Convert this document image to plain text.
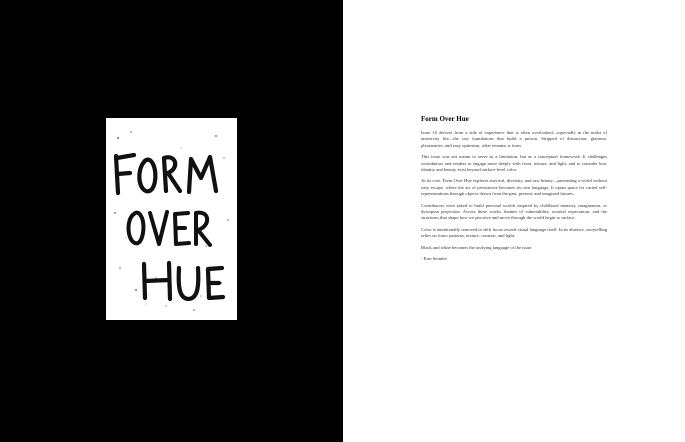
Form Over Hue

Issue 10 derives from a side of experience that is often overlooked—especially in the midst of university life—the raw foundations that build a person. Stripped of distraction, glamour, pleasantries, and easy optimism, what remains is form.

This issue was not meant to serve as a limitation, but as a conceptual framework. It challenges contributors and readers to engage more deeply with form, texture, and light, and to consider how identity and beauty exist beyond surface-level color.

At its core, Form Over Hue explores survival, diversity, and raw beauty—presenting a world without easy escape, where the act of persistence becomes its own language. It opens space for varied self-representations through objects drawn from the past, present, and imagined futures.

Contributors were asked to build personal worlds inspired by childhood memory, imagination, or dystopian projection. Across these works, themes of vulnerability, societal expectation, and the structures that shape how we perceive and move through the world begin to surface.

Color is intentionally removed to shift focus toward visual language itself. In its absence, storytelling relies on form: patterns, texture, contrast, and light.

Black and white becomes the unifying language of the issue.

- Erin Seimler
